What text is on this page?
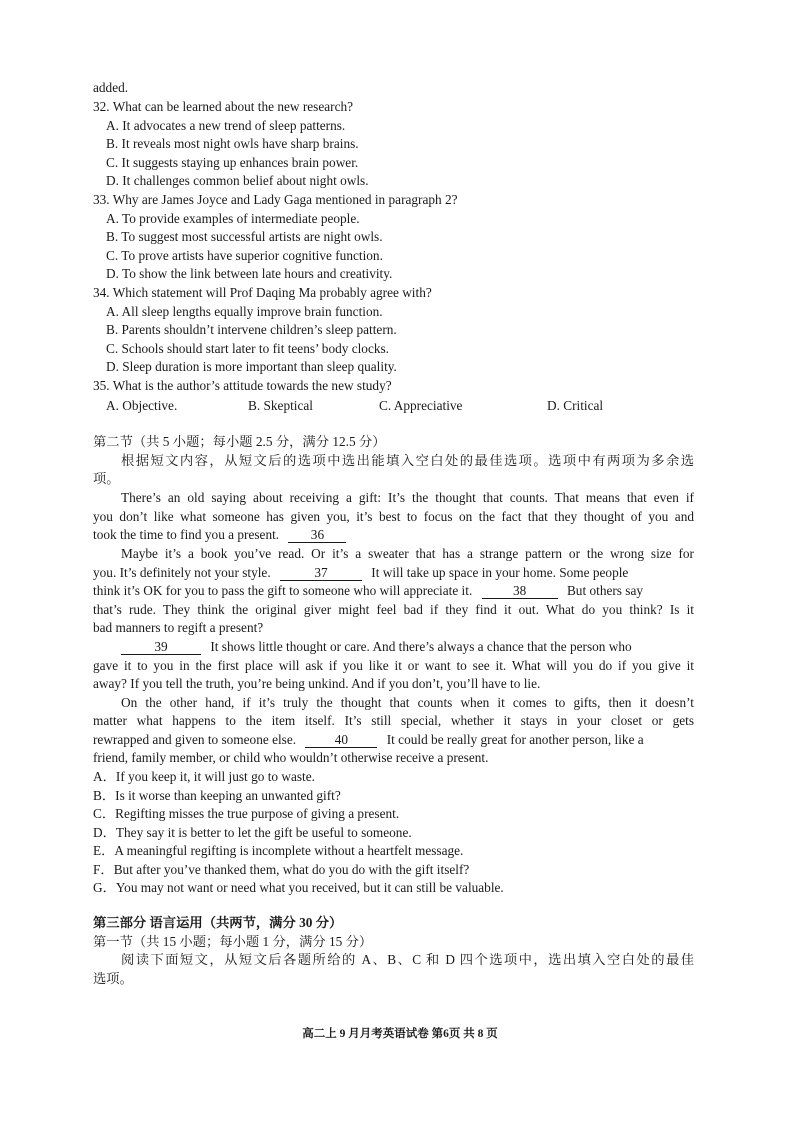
added.
32. What can be learned about the new research?
A. It advocates a new trend of sleep patterns.
B. It reveals most night owls have sharp brains.
C. It suggests staying up enhances brain power.
D. It challenges common belief about night owls.
33. Why are James Joyce and Lady Gaga mentioned in paragraph 2?
A. To provide examples of intermediate people.
B. To suggest most successful artists are night owls.
C. To prove artists have superior cognitive function.
D. To show the link between late hours and creativity.
34. Which statement will Prof Daqing Ma probably agree with?
A. All sleep lengths equally improve brain function.
B. Parents shouldn’t intervene children’s sleep pattern.
C. Schools should start later to fit teens’ body clocks.
D. Sleep duration is more important than sleep quality.
35. What is the author’s attitude towards the new study?
A. Objective.	B. Skeptical	C. Appreciative	D. Critical
第二节（共 5 小题；每小题 2.5 分，满分 12.5 分）
根据短文内容，从短文后的选项中选出能填入空白处的最佳选项。选项中有两项为多余选
项。
There’s an old saying about receiving a gift: It’s the thought that counts. That means that even if
you don’t like what someone has given you, it’s best to focus on the fact that they thought of you and
took the time to find you a present. 36
Maybe it’s a book you’ve read. Or it’s a sweater that has a strange pattern or the wrong size for
you. It’s definitely not your style.	37	It will take up space in your home. Some people
think it’s OK for you to pass the gift to someone who will appreciate it.	38	But others say
that’s rude. They think the original giver might feel bad if they find it out. What do you think? Is it
bad manners to regift a present?
39	It shows little thought or care. And there’s always a chance that the person who
gave it to you in the first place will ask if you like it or want to see it. What will you do if you give it
away? If you tell the truth, you’re being unkind. And if you don’t, you’ll have to lie.
On the other hand, if it’s truly the thought that counts when it comes to gifts, then it doesn’t
matter what happens to the item itself. It’s still special, whether it stays in your closet or gets
rewrapped and given to someone else.	40	It could be really great for another person, like a
friend, family member, or child who wouldn’t otherwise receive a present.
A．If you keep it, it will just go to waste.
B．Is it worse than keeping an unwanted gift?
C．Regifting misses the true purpose of giving a present.
D．They say it is better to let the gift be useful to someone.
E．A meaningful regifting is incomplete without a heartfelt message.
F．But after you’ve thanked them, what do you do with the gift itself?
G．You may not want or need what you received, but it can still be valuable.
第三部分 语言运用（共两节，满分 30 分）
第一节（共 15 小题；每小题 1 分，满分 15 分）
阅读下面短文，从短文后各题所给的 A、B、C 和 D 四个选项中，选出填入空白处的最佳
选项。
高二上 9 月月考英语试卷 第6页 共 8 页
